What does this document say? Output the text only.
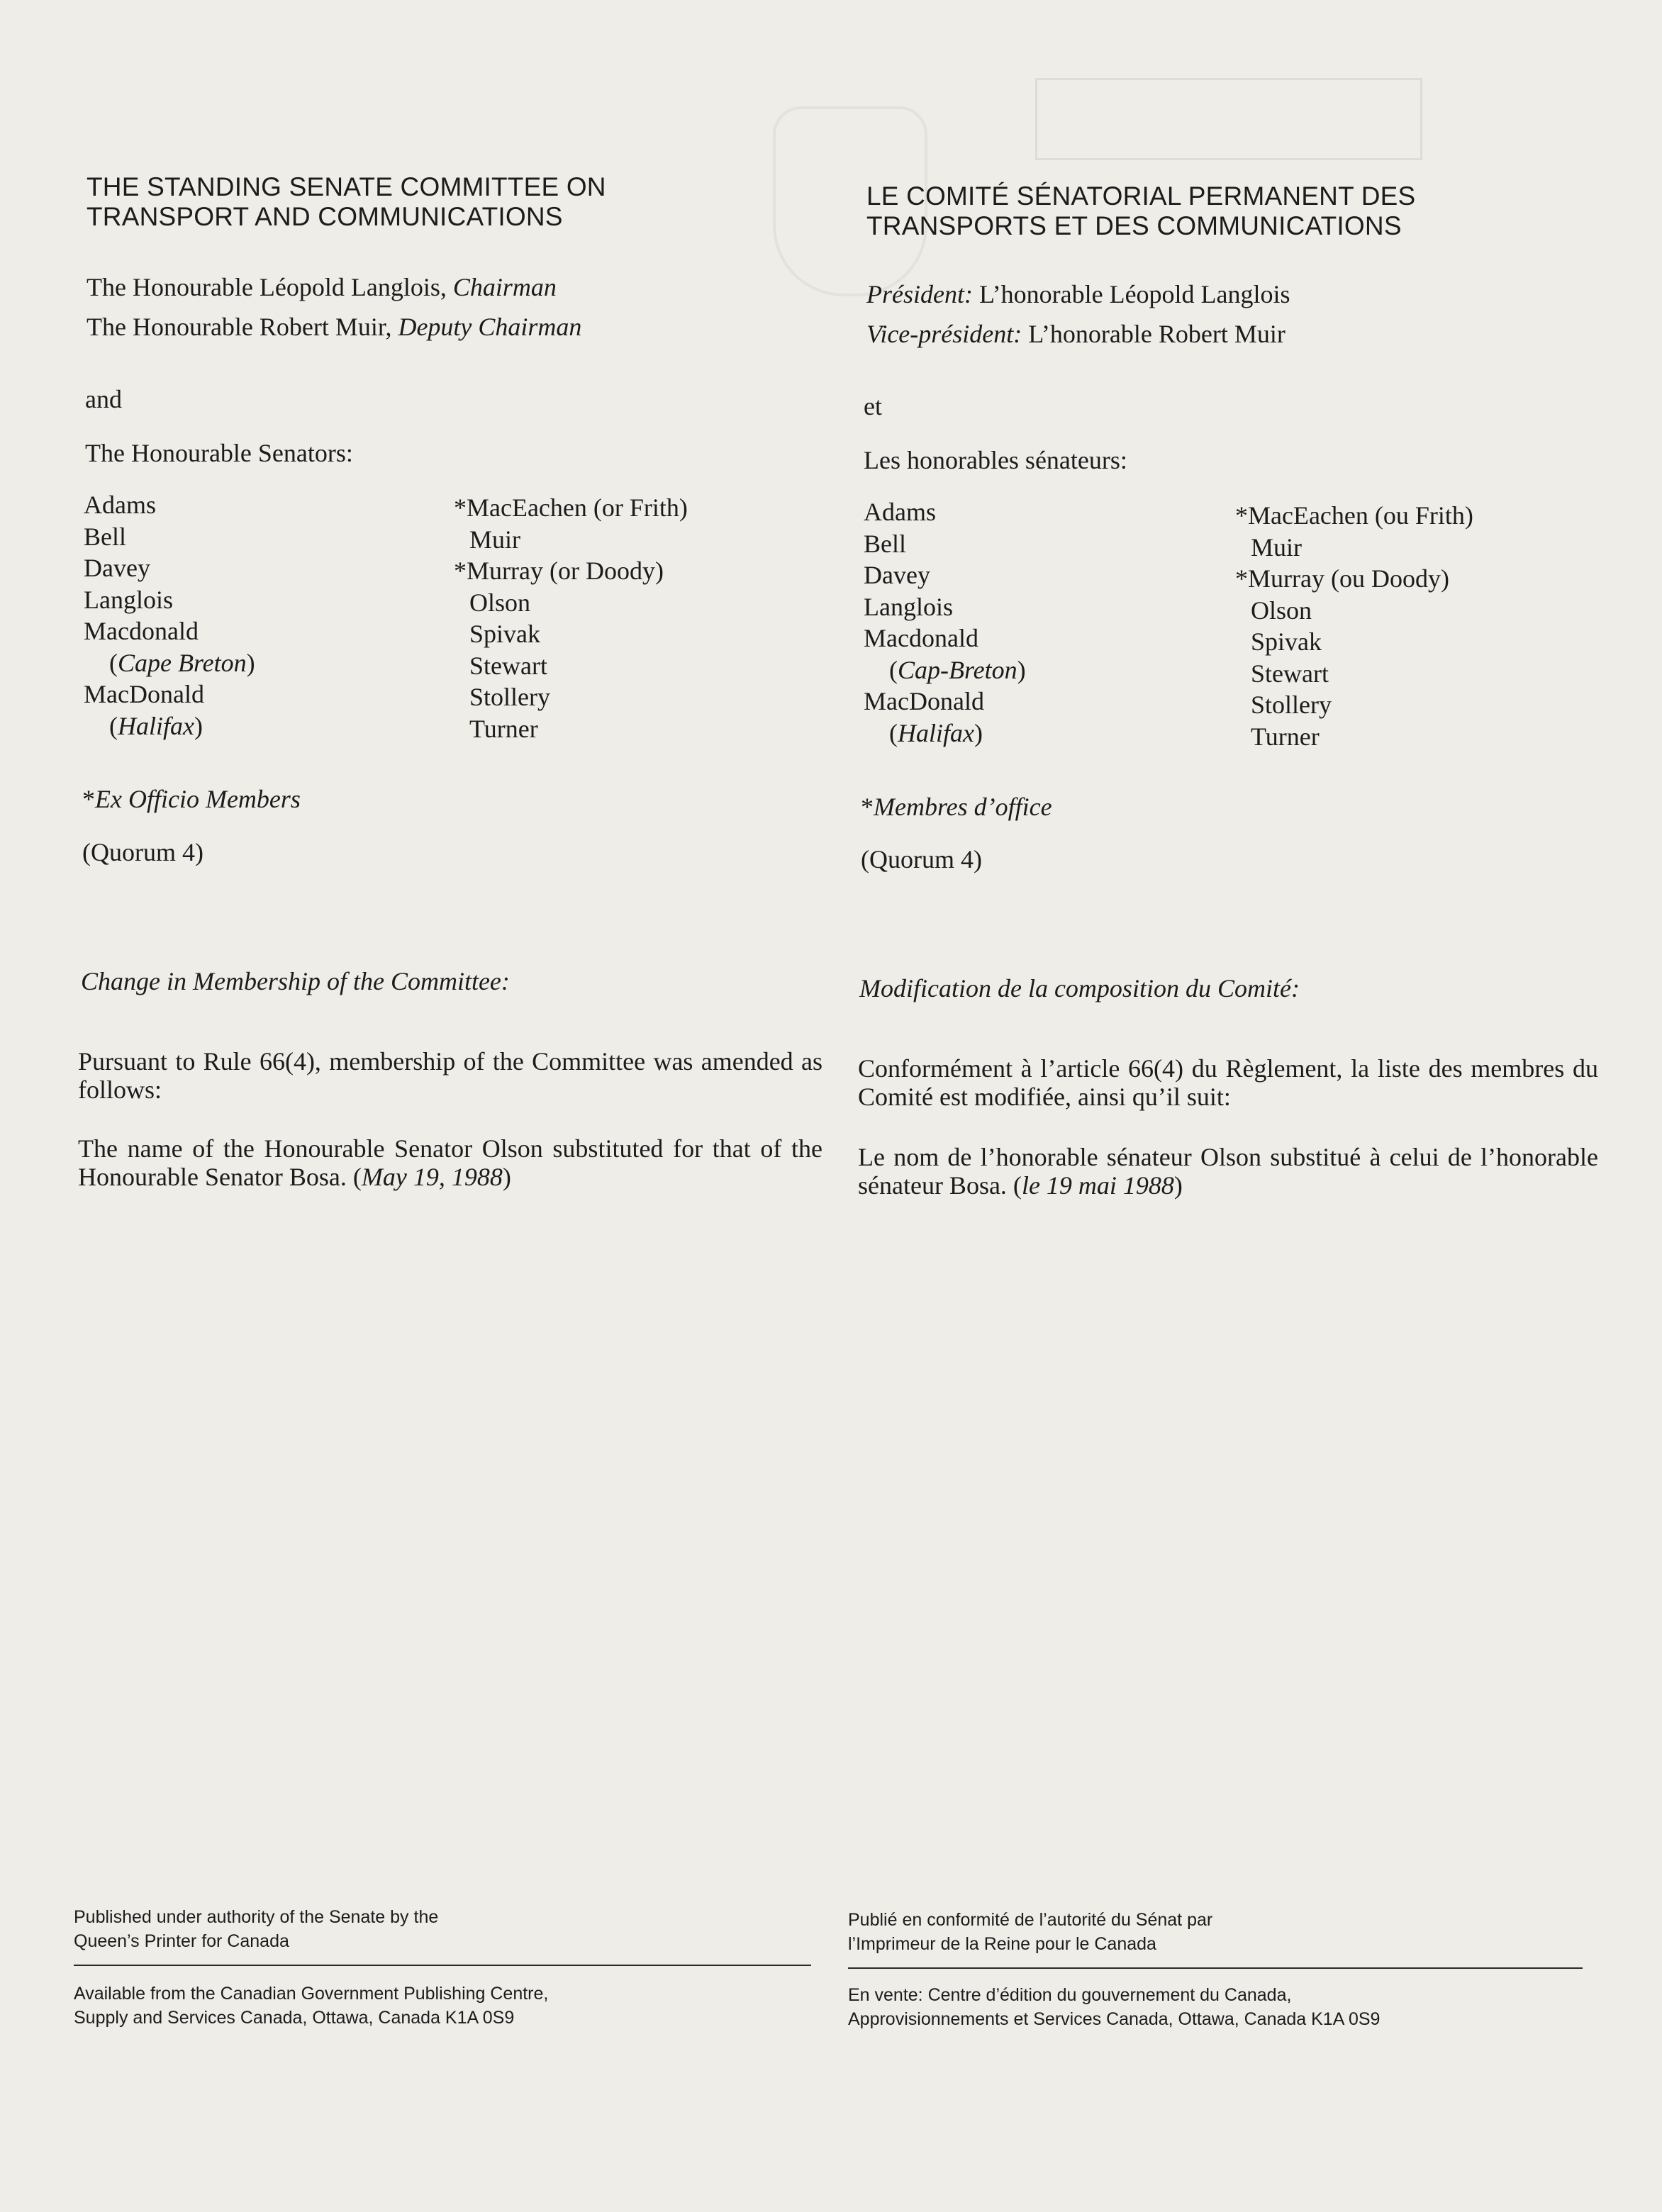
THE STANDING SENATE COMMITTEE ON
TRANSPORT AND COMMUNICATIONS
The Honourable Léopold Langlois, Chairman
The Honourable Robert Muir, Deputy Chairman
and
The Honourable Senators:
Adams
Bell
Davey
Langlois
Macdonald
(Cape Breton)
MacDonald
(Halifax)
*MacEachen (or Frith)
Muir
*Murray (or Doody)
Olson
Spivak
Stewart
Stollery
Turner
*Ex Officio Members
(Quorum 4)
Change in Membership of the Committee:
Pursuant to Rule 66(4), membership of the Committee was amended as follows:
The name of the Honourable Senator Olson substituted for that of the Honourable Senator Bosa. (May 19, 1988)
Published under authority of the Senate by the
Queen’s Printer for Canada
Available from the Canadian Government Publishing Centre,
Supply and Services Canada, Ottawa, Canada K1A 0S9
LE COMITÉ SÉNATORIAL PERMANENT DES
TRANSPORTS ET DES COMMUNICATIONS
Président: L’honorable Léopold Langlois
Vice-président: L’honorable Robert Muir
et
Les honorables sénateurs:
Adams
Bell
Davey
Langlois
Macdonald
(Cap-Breton)
MacDonald
(Halifax)
*MacEachen (ou Frith)
Muir
*Murray (ou Doody)
Olson
Spivak
Stewart
Stollery
Turner
*Membres d’office
(Quorum 4)
Modification de la composition du Comité:
Conformément à l’article 66(4) du Règlement, la liste des membres du Comité est modifiée, ainsi qu’il suit:
Le nom de l’honorable sénateur Olson substitué à celui de l’honorable sénateur Bosa. (le 19 mai 1988)
Publié en conformité de l’autorité du Sénat par
l’Imprimeur de la Reine pour le Canada
En vente: Centre d’édition du gouvernement du Canada,
Approvisionnements et Services Canada, Ottawa, Canada K1A 0S9
